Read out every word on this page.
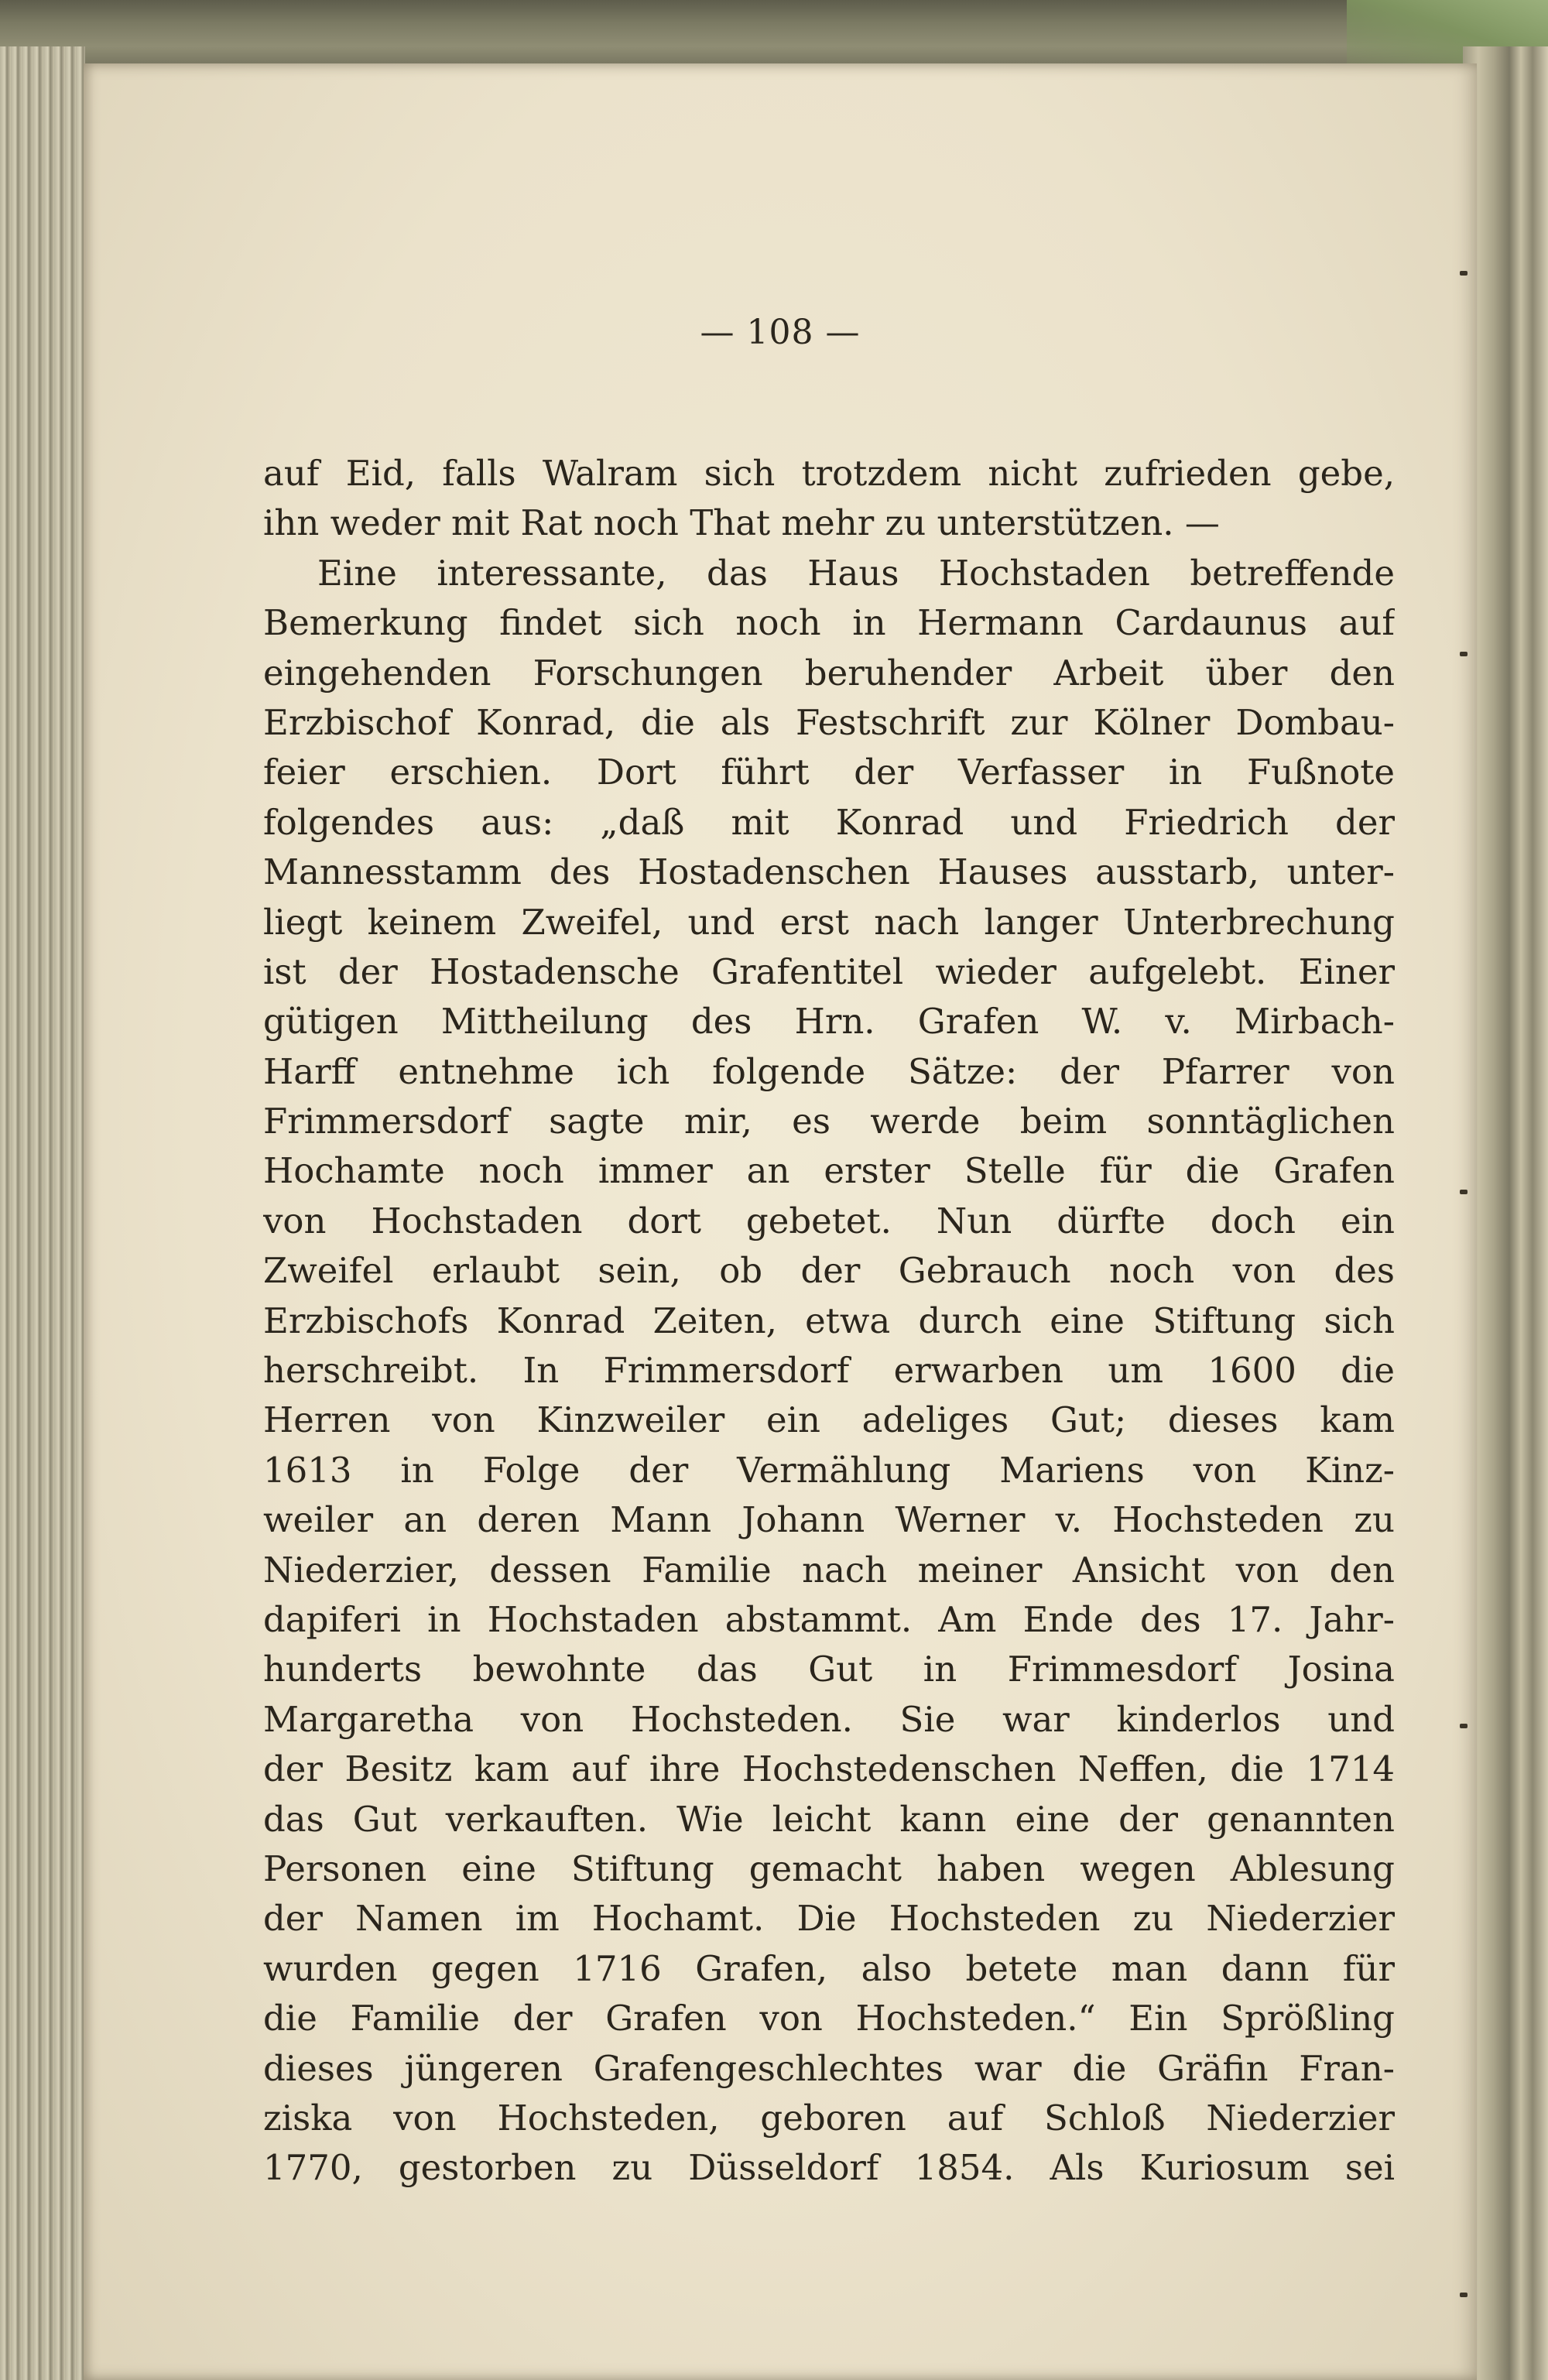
— 108 —
auf Eid, falls Walram sich trotzdem nicht zufrieden gebe,
ihn weder mit Rat noch That mehr zu unterstützen. —
Eine interessante, das Haus Hochstaden betreffende
Bemerkung findet sich noch in Hermann Cardaunus auf
eingehenden Forschungen beruhender Arbeit über den
Erzbischof Konrad, die als Festschrift zur Kölner Dombau-
feier erschien. Dort führt der Verfasser in Fußnote
folgendes aus: „daß mit Konrad und Friedrich der
Mannesstamm des Hostadenschen Hauses ausstarb, unter-
liegt keinem Zweifel, und erst nach langer Unterbrechung
ist der Hostadensche Grafentitel wieder aufgelebt. Einer
gütigen Mittheilung des Hrn. Grafen W. v. Mirbach-
Harff entnehme ich folgende Sätze: der Pfarrer von
Frimmersdorf sagte mir, es werde beim sonntäglichen
Hochamte noch immer an erster Stelle für die Grafen
von Hochstaden dort gebetet. Nun dürfte doch ein
Zweifel erlaubt sein, ob der Gebrauch noch von des
Erzbischofs Konrad Zeiten, etwa durch eine Stiftung sich
herschreibt. In Frimmersdorf erwarben um 1600 die
Herren von Kinzweiler ein adeliges Gut; dieses kam
1613 in Folge der Vermählung Mariens von Kinz-
weiler an deren Mann Johann Werner v. Hochsteden zu
Niederzier, dessen Familie nach meiner Ansicht von den
dapiferi in Hochstaden abstammt. Am Ende des 17. Jahr-
hunderts bewohnte das Gut in Frimmesdorf Josina
Margaretha von Hochsteden. Sie war kinderlos und
der Besitz kam auf ihre Hochstedenschen Neffen, die 1714
das Gut verkauften. Wie leicht kann eine der genannten
Personen eine Stiftung gemacht haben wegen Ablesung
der Namen im Hochamt. Die Hochsteden zu Niederzier
wurden gegen 1716 Grafen, also betete man dann für
die Familie der Grafen von Hochsteden.“ Ein Sprößling
dieses jüngeren Grafengeschlechtes war die Gräfin Fran-
ziska von Hochsteden, geboren auf Schloß Niederzier
1770, gestorben zu Düsseldorf 1854. Als Kuriosum sei
